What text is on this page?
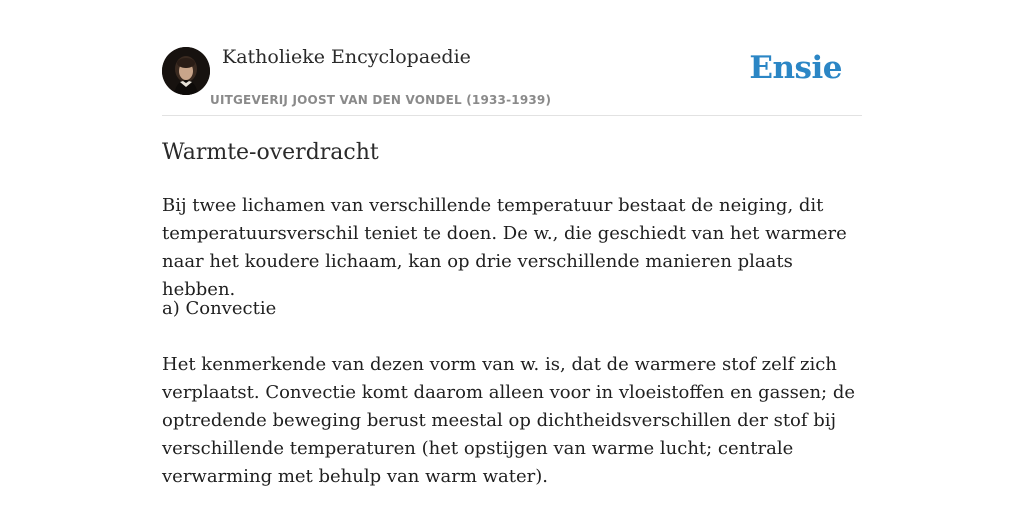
Katholieke Encyclopaedie
UITGEVERIJ JOOST VAN DEN VONDEL (1933-1939)
Ensie
Warmte-overdracht

Bij twee lichamen van verschillende temperatuur bestaat de neiging, dit temperatuursverschil teniet te doen. De w., die geschiedt van het warmere naar het koudere lichaam, kan op drie verschillende manieren plaats hebben.

a) Convectie

Het kenmerkende van dezen vorm van w. is, dat de warmere stof zelf zich verplaatst. Convectie komt daarom alleen voor in vloeistoffen en gassen; de optredende beweging berust meestal op dichtheidsverschillen der stof bij verschillende temperaturen (het opstijgen van warme lucht; centrale verwarming met behulp van warm water).
